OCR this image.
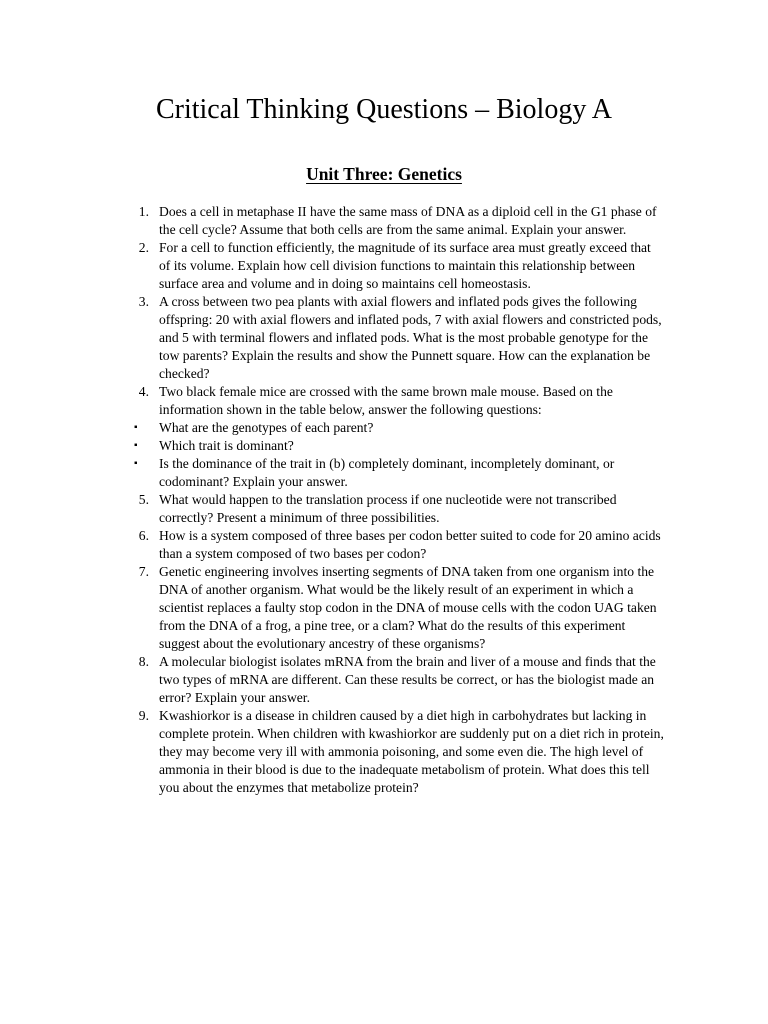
Critical Thinking Questions – Biology A
Unit Three: Genetics
1. Does a cell in metaphase II have the same mass of DNA as a diploid cell in the G1 phase of the cell cycle? Assume that both cells are from the same animal. Explain your answer.
2. For a cell to function efficiently, the magnitude of its surface area must greatly exceed that of its volume. Explain how cell division functions to maintain this relationship between surface area and volume and in doing so maintains cell homeostasis.
3. A cross between two pea plants with axial flowers and inflated pods gives the following offspring: 20 with axial flowers and inflated pods, 7 with axial flowers and constricted pods, and 5 with terminal flowers and inflated pods. What is the most probable genotype for the tow parents? Explain the results and show the Punnett square. How can the explanation be checked?
4. Two black female mice are crossed with the same brown male mouse. Based on the information shown in the table below, answer the following questions:
▪	What are the genotypes of each parent?
▪	Which trait is dominant?
▪	Is the dominance of the trait in (b) completely dominant, incompletely dominant, or codominant? Explain your answer.
5. What would happen to the translation process if one nucleotide were not transcribed correctly? Present a minimum of three possibilities.
6. How is a system composed of three bases per codon better suited to code for 20 amino acids than a system composed of two bases per codon?
7. Genetic engineering involves inserting segments of DNA taken from one organism into the DNA of another organism. What would be the likely result of an experiment in which a scientist replaces a faulty stop codon in the DNA of mouse cells with the codon UAG taken from the DNA of a frog, a pine tree, or a clam? What do the results of this experiment suggest about the evolutionary ancestry of these organisms?
8. A molecular biologist isolates mRNA from the brain and liver of a mouse and finds that the two types of mRNA are different. Can these results be correct, or has the biologist made an error? Explain your answer.
9. Kwashiorkor is a disease in children caused by a diet high in carbohydrates but lacking in complete protein. When children with kwashiorkor are suddenly put on a diet rich in protein, they may become very ill with ammonia poisoning, and some even die. The high level of ammonia in their blood is due to the inadequate metabolism of protein. What does this tell you about the enzymes that metabolize protein?
